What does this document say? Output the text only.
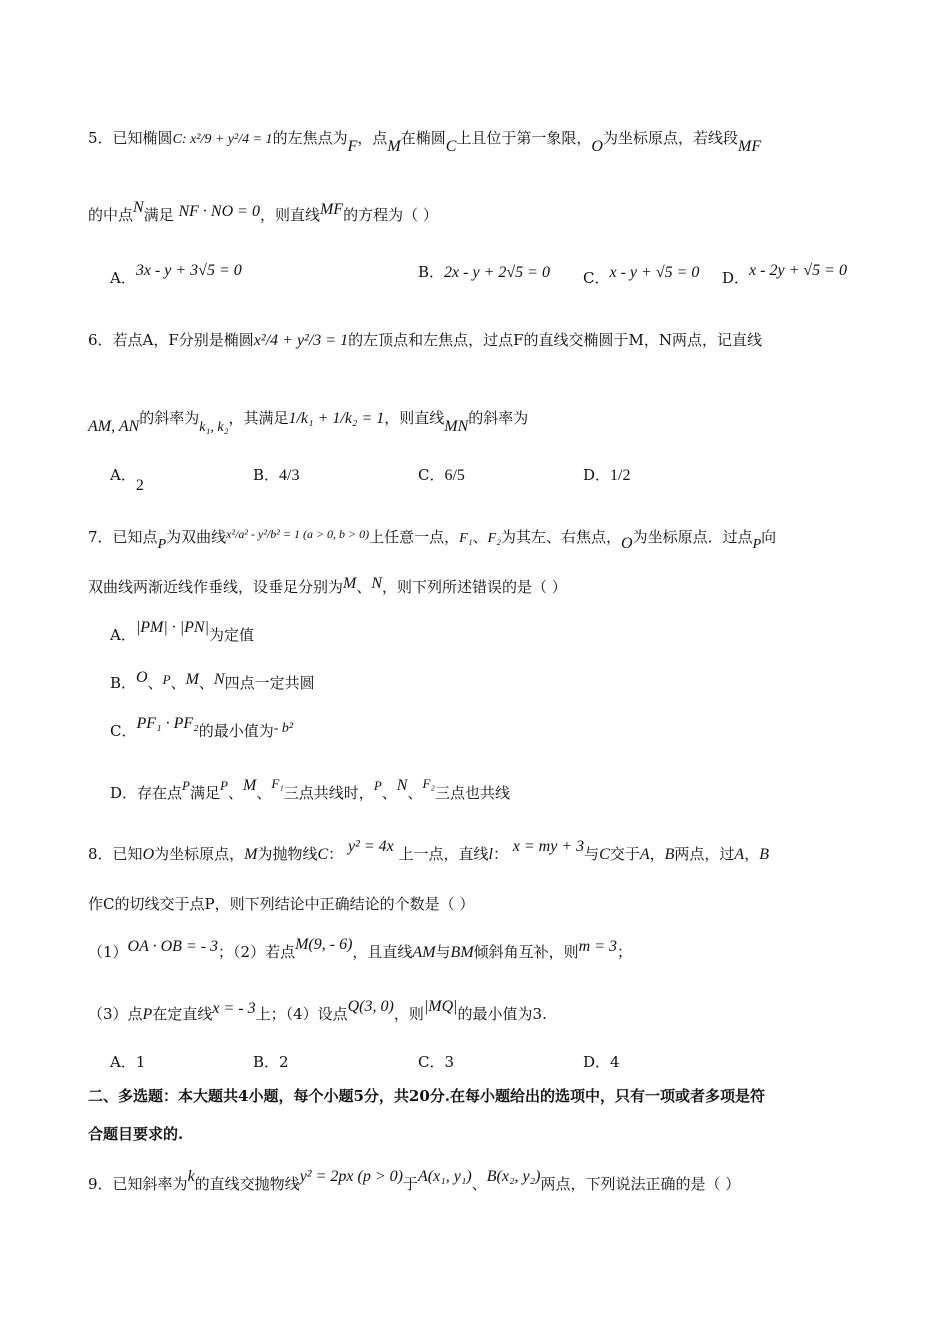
5．已知椭圆C: x²/9 + y²/4 = 1的左焦点为F，点M在椭圆C上且位于第一象限，O为坐标原点，若线段MF
的中点N满足 NF · NO = 0，则直线MF的方程为（ ）
A．3x - y + 3√5 = 0	B．2x - y + 2√5 = 0 C．x - y + √5 = 0 D．x - 2y + √5 = 0
6．若点A，F分别是椭圆x²/4 + y²/3 = 1的左顶点和左焦点，过点F的直线交椭圆于M，N两点，记直线
AM, AN的斜率为k₁, k₂，其满足1/k₁ + 1/k₂ = 1，则直线MN的斜率为
A．2
B．4/3	C．6/5	D．1/2
7．已知点P为双曲线$^{x^2/a^2 - y^2/b^2 = 1 (a > 0, b > 0)}$上任意一点，F₁、F₂为其左、右焦点，O为坐标原点．过点P向
双曲线两渐近线作垂线，设垂足分别为M、N，则下列所述错误的是（ ）
A．|PM| · |PN|为定值
B．O、P、M、N四点一定共圆
C．PF₁ · PF₂的最小值为- b²
D．存在点P满足P、M、F₁三点共线时，P、N、F₂三点也共线
8．已知O为坐标原点，M为抛物线C： y² = 4x 上一点，直线l： x = my + 3与C交于A，B两点，过A，B
作C的切线交于点P，则下列结论中正确结论的个数是（ ）
（1）OA · OB = - 3；（2）若点M(9, - 6)，且直线AM与BM倾斜角互补，则m = 3；
（3）点P在定直线x = - 3上；（4）设点Q(3, 0)，则|MQ|的最小值为3.
A．1	B．2	C．3	D．4
二、多选题：本大题共4小题，每个小题5分，共20分.在每小题给出的选项中，只有一项或者多项是符
合题目要求的.
9．已知斜率为k的直线交抛物线y² = 2px (p > 0)于A(x₁, y₁)、B(x₂, y₂)两点，下列说法正确的是（ ）
